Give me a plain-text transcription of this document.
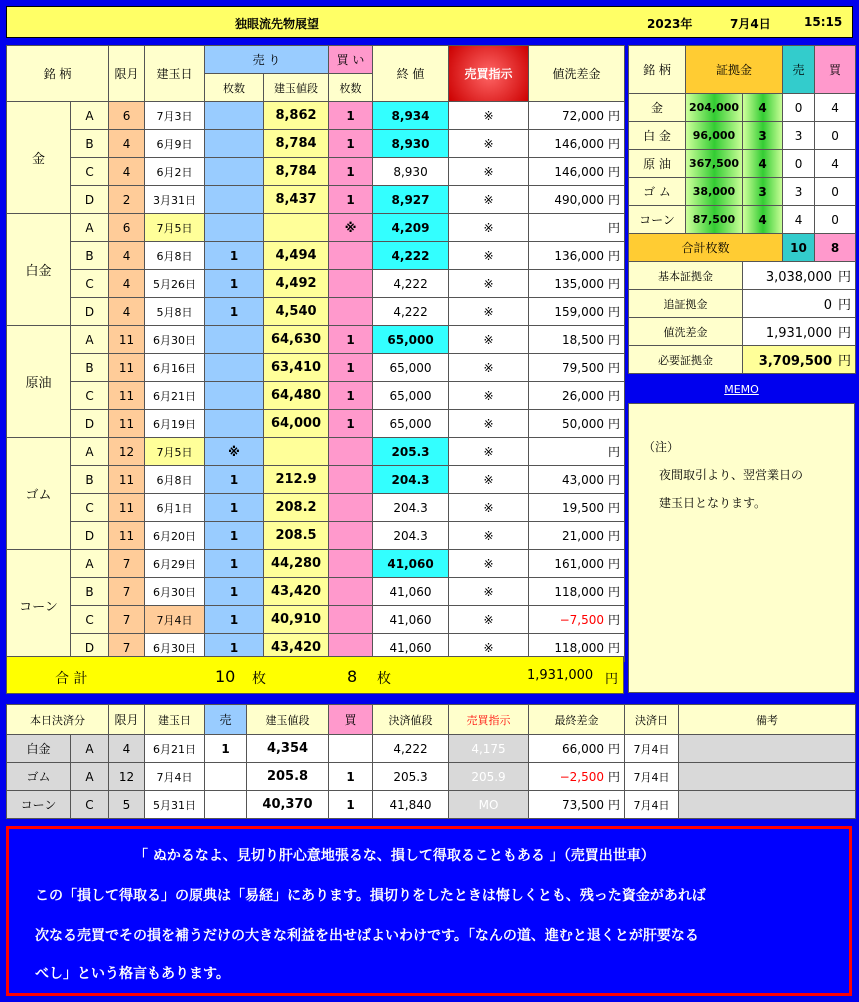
独眼流先物展望	2023年	7月4日	15:15
銘 柄		限月	建玉日	売 り		買 い	終 値	売買指示	値洗差金
				枚数	建玉値段	枚数			
金	A	6	7月3日		8,862	1	8,934	※	72,000 円
	B	4	6月9日		8,784	1	8,930	※	146,000 円
	C	4	6月2日		8,784	1	8,930	※	146,000 円
	D	2	3月31日		8,437	1	8,927	※	490,000 円
白金	A	6	7月5日			※	4,209	※	円
	B	4	6月8日	1	4,494		4,222	※	136,000 円
	C	4	5月26日	1	4,492		4,222	※	135,000 円
	D	4	5月8日	1	4,540		4,222	※	159,000 円
原油	A	11	6月30日		64,630	1	65,000	※	18,500 円
	B	11	6月16日		63,410	1	65,000	※	79,500 円
	C	11	6月21日		64,480	1	65,000	※	26,000 円
	D	11	6月19日		64,000	1	65,000	※	50,000 円
ゴム	A	12	7月5日	※			205.3	※	円
	B	11	6月8日	1	212.9		204.3	※	43,000 円
	C	11	6月1日	1	208.2		204.3	※	19,500 円
	D	11	6月20日	1	208.5		204.3	※	21,000 円
コーン	A	7	6月29日	1	44,280		41,060	※	161,000 円
	B	7	6月30日	1	43,420		41,060	※	118,000 円
	C	7	7月4日	1	40,910		41,060	※	−7,500 円
	D	7	6月30日	1	43,420		41,060	※	118,000 円
合 計	10 枚	8 枚	1,931,000 円
銘 柄	証拠金		売	買
金	204,000	4	0	4
白 金	96,000	3	3	0
原 油	367,500	4	0	4
ゴ ム	38,000	3	3	0
コーン	87,500	4	4	0
合計枚数			10	8
基本証拠金		3,038,000 円		
追証拠金		0 円		
値洗差金		1,931,000 円		
必要証拠金		3,709,500 円		
MEMO
（注）
夜間取引より、翌営業日の
建玉日となります。
本日決済分		限月	建玉日	売	建玉値段	買	決済値段	売買指示	最終差金	決済日	備考
白金	A	4	6月21日	1	4,354		4,222	4,175	66,000 円	7月4日	
ゴム	A	12	7月4日		205.8	1	205.3	205.9	−2,500 円	7月4日	
コーン	C	5	5月31日		40,370	1	41,840	MO	73,500 円	7月4日	
「 ぬかるなよ、見切り肝心意地張るな、損して得取ることもある 」（売買出世車）
この「損して得取る」の原典は「易経」にあります。損切りをしたときは悔しくとも、残った資金があれば
次なる売買でその損を補うだけの大きな利益を出せばよいわけです。「なんの道、進むと退くとが肝要なる
べし」という格言もあります。
